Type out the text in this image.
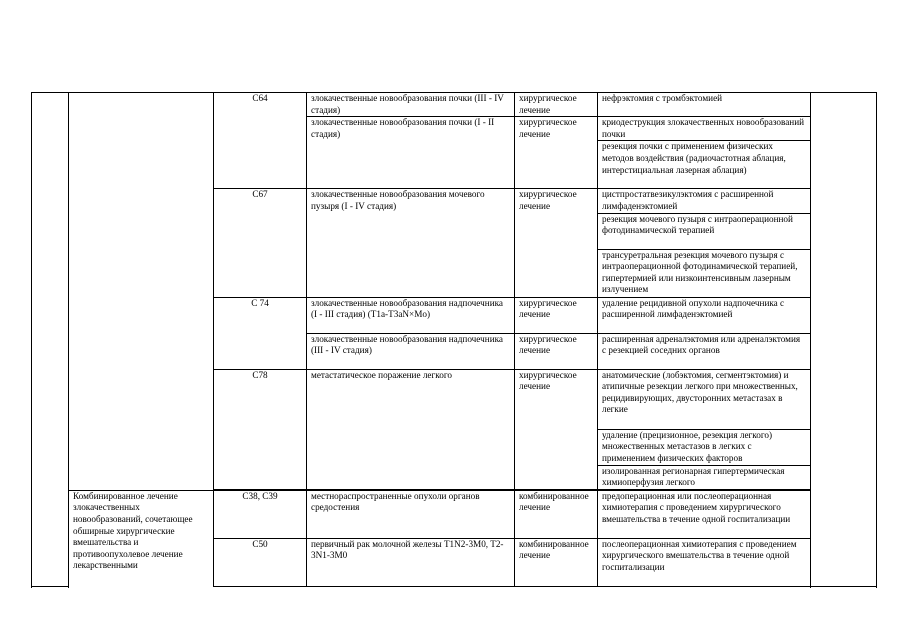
		C64	злокачественные новообразования почки (III - IV стадия)	хирургическое лечение	нефрэктомия с тромбэктомией	
			злокачественные новообразования почки (I - II стадия)	хирургическое лечение	криодеструкция злокачественных новообразований почки	
					резекция почки с применением физических методов воздействия (радиочастотная аблация, интерстициальная лазерная аблация)	
		C67	злокачественные новообразования мочевого пузыря (I - IV стадия)	хирургическое лечение	цистпростатвезикулэктомия с расширенной лимфаденэктомией	
					резекция мочевого пузыря с интраоперационной фотодинамической терапией	
					трансуретральная резекция мочевого пузыря с интраоперационной фотодинамической терапией, гипертермией или низкоинтенсивным лазерным излучением	
		C 74	злокачественные новообразования надпочечника (I - III стадия) (T1a-T3aN×Mo)	хирургическое лечение	удаление рецидивной опухоли надпочечника с расширенной лимфаденэктомией	
			злокачественные новообразования надпочечника (III - IV стадия)	хирургическое лечение	расширенная адреналэктомия или адреналэктомия с резекцией соседних органов	
		C78	метастатическое поражение легкого	хирургическое лечение	анатомические (лобэктомия, сегментэктомия) и атипичные резекции легкого при множественных, рецидивирующих, двусторонних метастазах в легкие	
					удаление (прецизионное, резекция легкого) множественных метастазов в легких с применением физических факторов	
					изолированная регионарная гипертермическая химиоперфузия легкого	

	Комбинированное лечение злокачественных новообразований, сочетающее обширные хирургические вмешательства и противоопухолевое лечение лекарственными	C38, C39	местнораспространенные опухоли органов средостения	комбинированное лечение	предоперационная или послеоперационная химиотерапия с проведением хирургического вмешательства в течение одной госпитализации	
		C50	первичный рак молочной железы T1N2-3M0, T2-3N1-3M0	комбинированное лечение	послеоперационная химиотерапия с проведением хирургического вмешательства в течение одной госпитализации	
